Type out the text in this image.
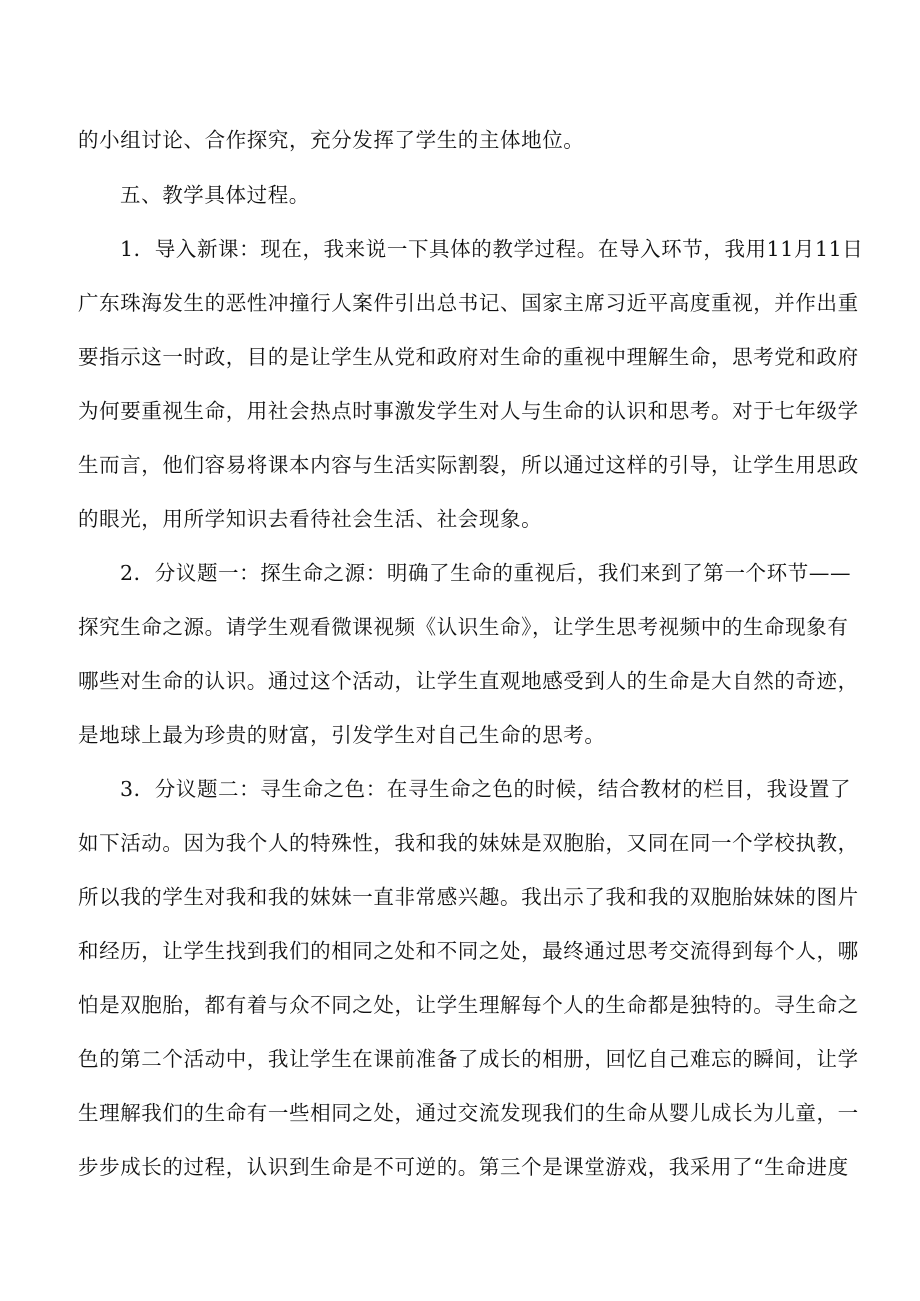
的小组讨论、合作探究，充分发挥了学生的主体地位。
五、教学具体过程。
1．导入新课：现在，我来说一下具体的教学过程。在导入环节，我用11月11日
广东珠海发生的恶性冲撞行人案件引出总书记、国家主席习近平高度重视，并作出重
要指示这一时政，目的是让学生从党和政府对生命的重视中理解生命，思考党和政府
为何要重视生命，用社会热点时事激发学生对人与生命的认识和思考。对于七年级学
生而言，他们容易将课本内容与生活实际割裂，所以通过这样的引导，让学生用思政
的眼光，用所学知识去看待社会生活、社会现象。
2．分议题一：探生命之源：明确了生命的重视后，我们来到了第一个环节——
探究生命之源。请学生观看微课视频《认识生命》，让学生思考视频中的生命现象有
哪些对生命的认识。通过这个活动，让学生直观地感受到人的生命是大自然的奇迹，
是地球上最为珍贵的财富，引发学生对自己生命的思考。
3．分议题二：寻生命之色：在寻生命之色的时候，结合教材的栏目，我设置了
如下活动。因为我个人的特殊性，我和我的妹妹是双胞胎，又同在同一个学校执教，
所以我的学生对我和我的妹妹一直非常感兴趣。我出示了我和我的双胞胎妹妹的图片
和经历，让学生找到我们的相同之处和不同之处，最终通过思考交流得到每个人，哪
怕是双胞胎，都有着与众不同之处，让学生理解每个人的生命都是独特的。寻生命之
色的第二个活动中，我让学生在课前准备了成长的相册，回忆自己难忘的瞬间，让学
生理解我们的生命有一些相同之处，通过交流发现我们的生命从婴儿成长为儿童，一
步步成长的过程，认识到生命是不可逆的。第三个是课堂游戏，我采用了“生命进度
